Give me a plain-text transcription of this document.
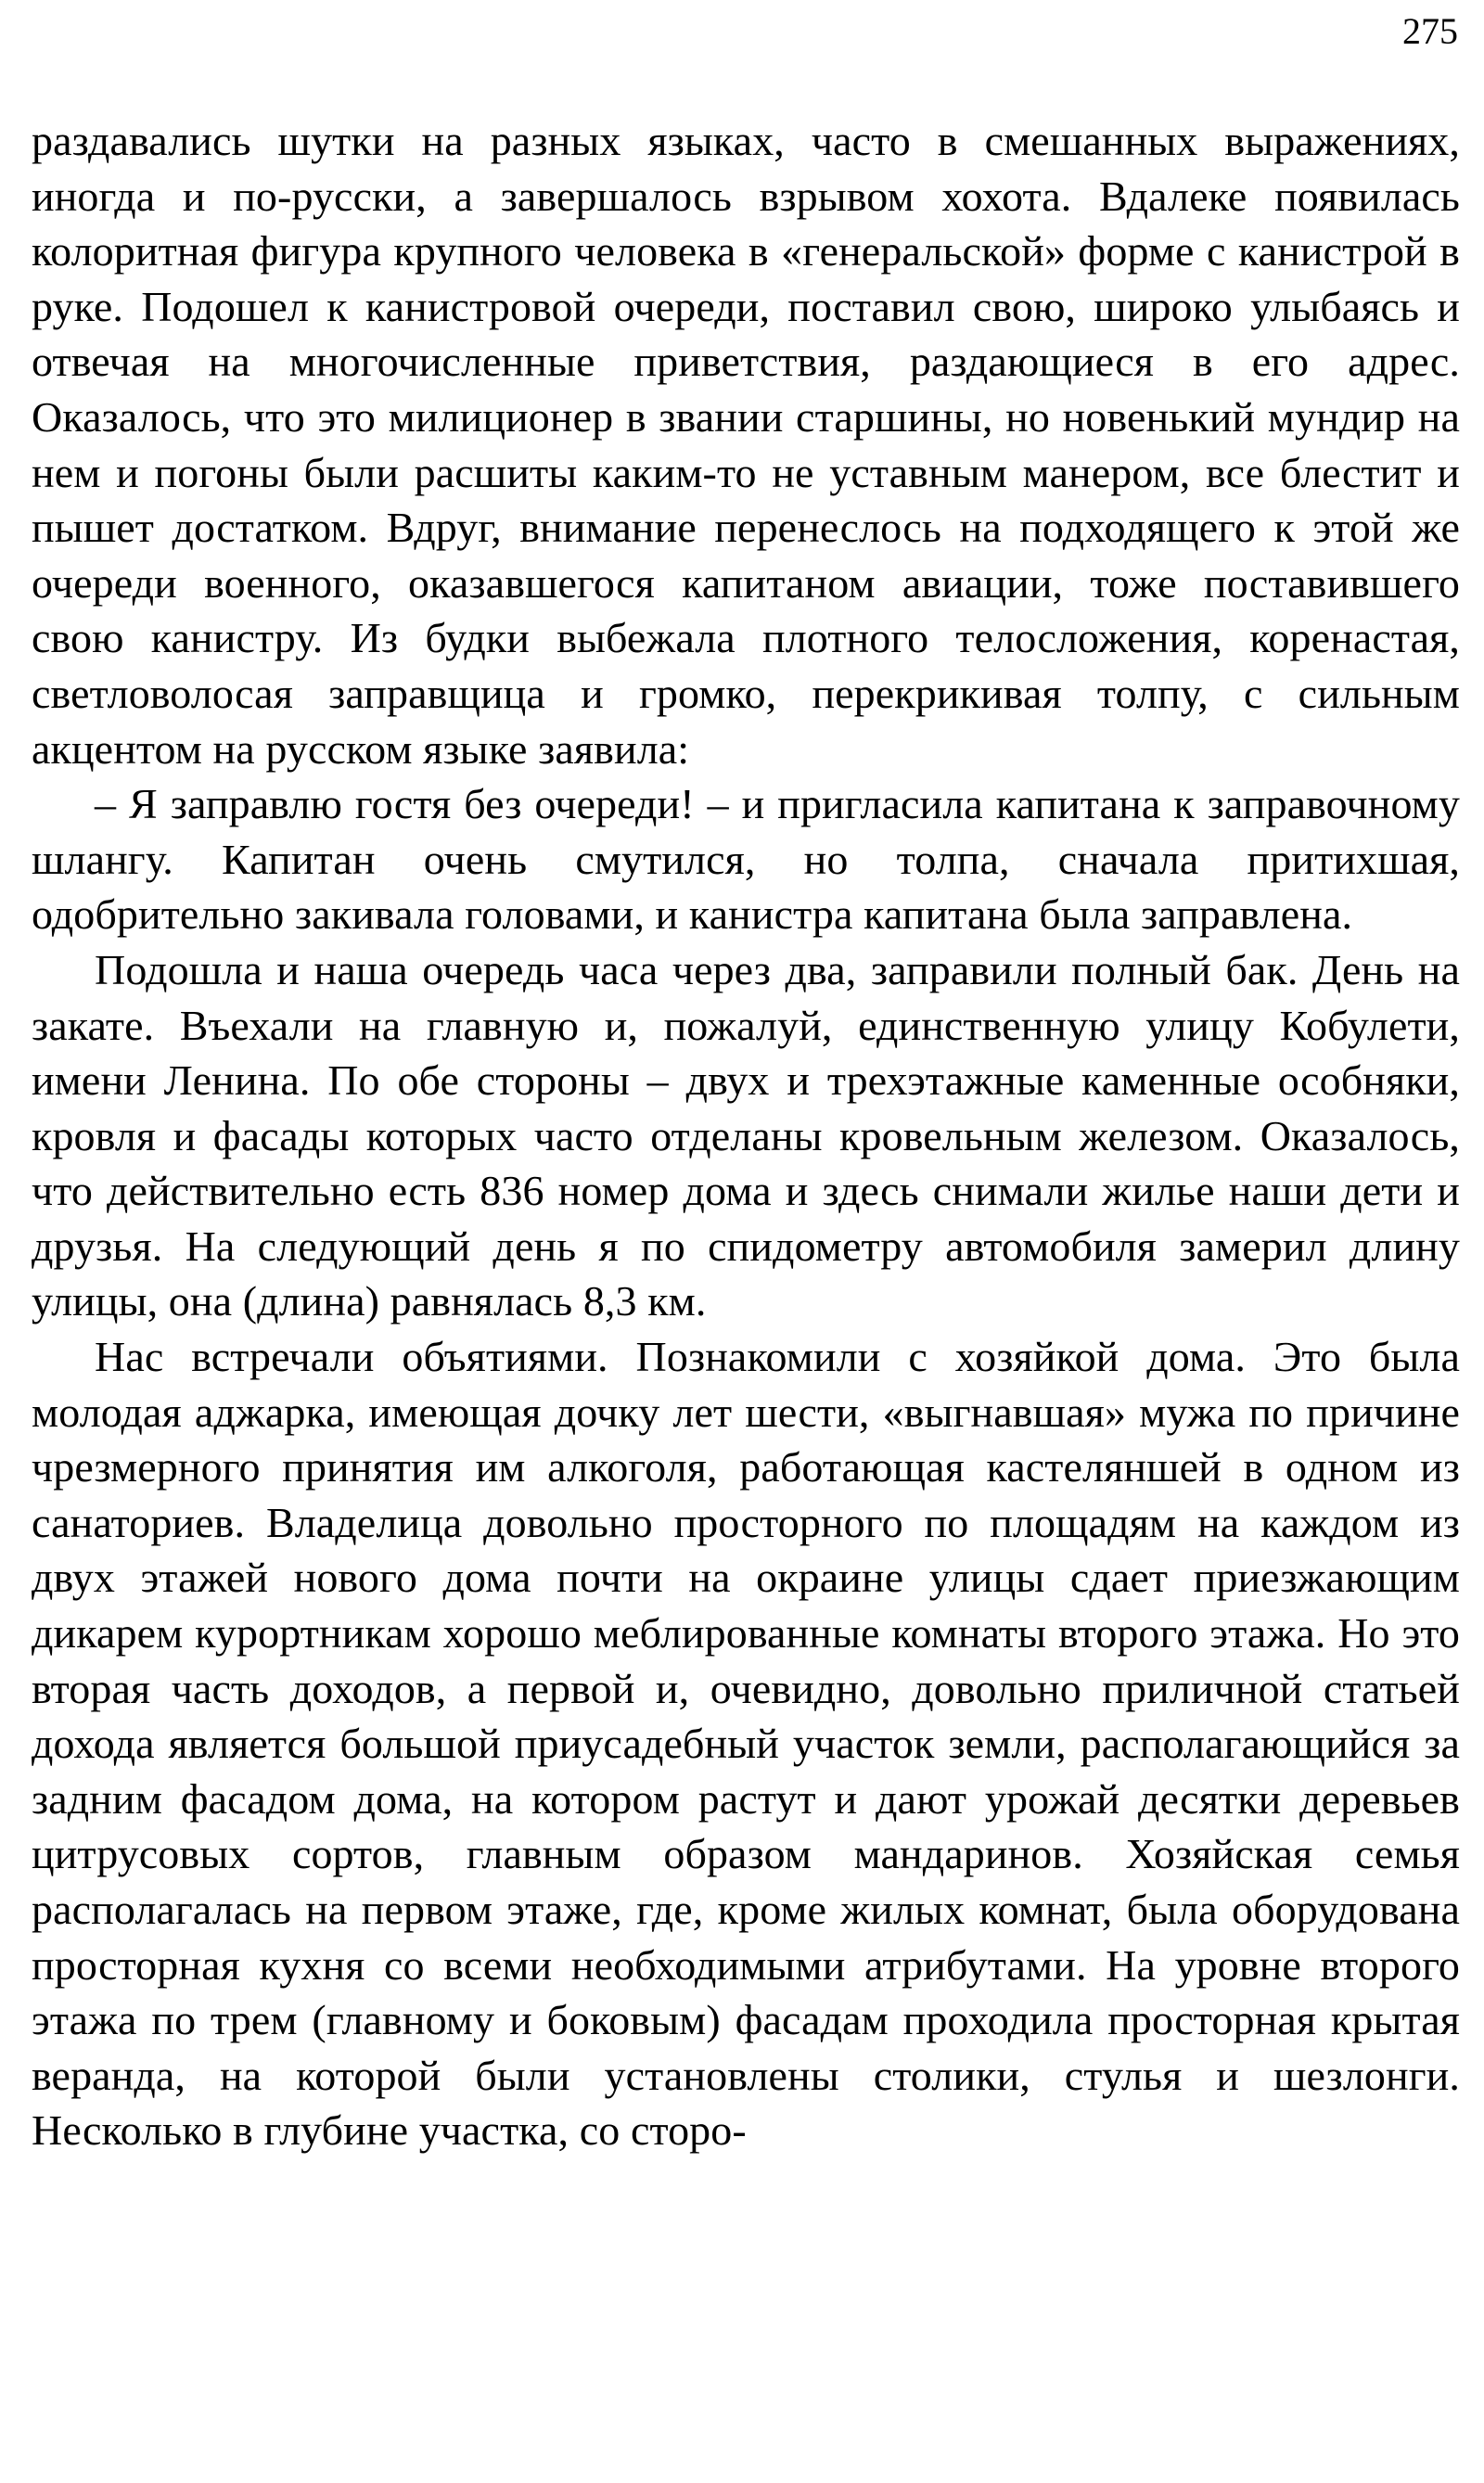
275

раздавались шутки на разных языках, часто в смешанных выражениях, иногда и по-русски, а завершалось взрывом хохота. Вдалеке появилась колоритная фигура крупного человека в «генеральской» форме с канистрой в руке. Подошел к канистровой очереди, поставил свою, широко улыбаясь и отвечая на многочисленные приветствия, раздающиеся в его адрес. Оказалось, что это милиционер в звании старшины, но новенький мундир на нем и погоны были расшиты каким-то не уставным манером, все блестит и пышет достатком. Вдруг, внимание перенеслось на подходящего к этой же очереди военного, оказавшегося капитаном авиации, тоже поставившего свою канистру. Из будки выбежала плотного телосложения, коренастая, светловолосая заправщица и громко, перекрикивая толпу, с сильным акцентом на русском языке заявила:

– Я заправлю гостя без очереди! – и пригласила капитана к заправочному шлангу. Капитан очень смутился, но толпа, сначала притихшая, одобрительно закивала головами, и канистра капитана была заправлена.

Подошла и наша очередь часа через два, заправили полный бак. День на закате. Въехали на главную и, пожалуй, единственную улицу Кобулети, имени Ленина. По обе стороны – двух и трехэтажные каменные особняки, кровля и фасады которых часто отделаны кровельным железом. Оказалось, что действительно есть 836 номер дома и здесь снимали жилье наши дети и друзья. На следующий день я по спидометру автомобиля замерил длину улицы, она (длина) равнялась 8,3 км.

Нас встречали объятиями. Познакомили с хозяйкой дома. Это была молодая аджарка, имеющая дочку лет шести, «выгнавшая» мужа по причине чрезмерного принятия им алкоголя, работающая кастеляншей в одном из санаториев. Владелица довольно просторного по площадям на каждом из двух этажей нового дома почти на окраине улицы сдает приезжающим дикарем курортникам хорошо меблированные комнаты второго этажа. Но это вторая часть доходов, а первой и, очевидно, довольно приличной статьей дохода является большой приусадебный участок земли, располагающийся за задним фасадом дома, на котором растут и дают урожай десятки деревьев цитрусовых сортов, главным образом мандаринов. Хозяйская семья располагалась на первом этаже, где, кроме жилых комнат, была оборудована просторная кухня со всеми необходимыми атрибутами. На уровне второго этажа по трем (главному и боковым) фасадам проходила просторная крытая веранда, на которой были установлены столики, стулья и шезлонги. Несколько в глубине участка, со сторо-
